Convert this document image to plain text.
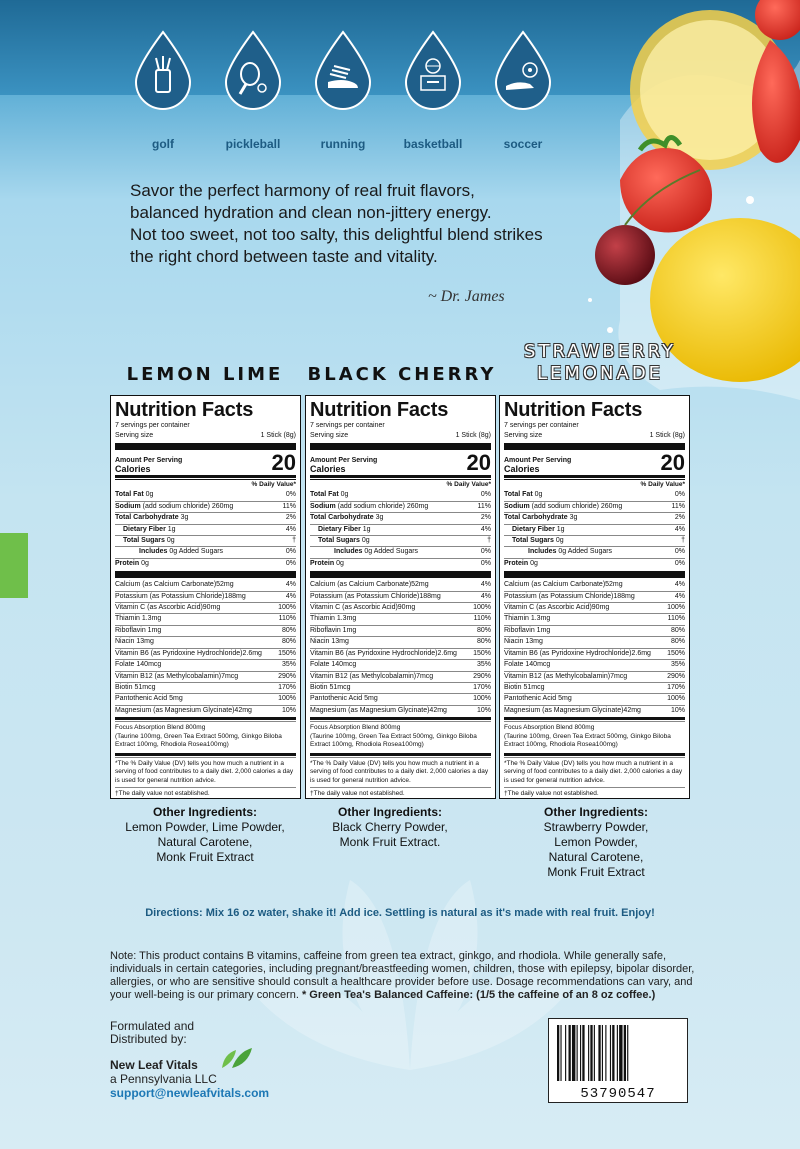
golf	pickleball	running	basketball	soccer

Savor the perfect harmony of real fruit flavors,

balanced hydration and clean non-jittery energy.

Not too sweet, not too salty, this delightful blend strikes

the right chord between taste and vitality.

~ Dr. James
LEMON LIME	BLACK CHERRY
STRAWBERRY
LEMONADE
Nutrition Facts
7 servings per container
Serving size	1 Stick (8g)
Amount Per Serving
Calories	20
% Daily Value*
Total Fat 0g	0%
Sodium (add sodium chloride) 260mg	11%
Total Carbohydrate 3g	2%
Dietary Fiber 1g	4%
Total Sugars 0g	†
Includes 0g Added Sugars	0%
Protein 0g	0%
Calcium (as Calcium Carbonate)52mg	4%
Potassium (as Potassium Chloride)188mg	4%
Vitamin C (as Ascorbic Acid)90mg	100%
Thiamin 1.3mg	110%
Riboflavin 1mg	80%
Niacin 13mg	80%
Vitamin B6 (as Pyridoxine Hydrochloride)2.6mg 150%
Folate 140mcg	35%
Vitamin B12 (as Methylcobalamin)7mcg	290%
Biotin 51mcg	170%
Pantothenic Acid 5mg	100%
Magnesium (as Magnesium Glycinate)42mg	10%
Focus Absorption Blend 800mg
(Taurine 100mg, Green Tea Extract 500mg, Ginkgo Biloba Extract 100mg, Rhodiola Rosea100mg)
*The % Daily Value (DV) tells you how much a nutrient in a serving of food contributes to a daily diet. 2,000 calories a day is used for general nutrition advice.
†The daily value not established.
Nutrition Facts
7 servings per container
Serving size	1 Stick (8g)
Amount Per Serving
Calories	20
% Daily Value*
Total Fat 0g	0%
Sodium (add sodium chloride) 260mg	11%
Total Carbohydrate 3g	2%
Dietary Fiber 1g	4%
Total Sugars 0g	†
Includes 0g Added Sugars	0%
Protein 0g	0%
Calcium (as Calcium Carbonate)52mg	4%
Potassium (as Potassium Chloride)188mg	4%
Vitamin C (as Ascorbic Acid)90mg	100%
Thiamin 1.3mg	110%
Riboflavin 1mg	80%
Niacin 13mg	80%
Vitamin B6 (as Pyridoxine Hydrochloride)2.6mg 150%
Folate 140mcg	35%
Vitamin B12 (as Methylcobalamin)7mcg	290%
Biotin 51mcg	170%
Pantothenic Acid 5mg	100%
Magnesium (as Magnesium Glycinate)42mg	10%
Focus Absorption Blend 800mg
(Taurine 100mg, Green Tea Extract 500mg, Ginkgo Biloba Extract 100mg, Rhodiola Rosea100mg)
*The % Daily Value (DV) tells you how much a nutrient in a serving of food contributes to a daily diet. 2,000 calories a day is used for general nutrition advice.
†The daily value not established.
Nutrition Facts
7 servings per container
Serving size	1 Stick (8g)
Amount Per Serving
Calories	20
% Daily Value*
Total Fat 0g	0%
Sodium (add sodium chloride) 260mg	11%
Total Carbohydrate 3g	2%
Dietary Fiber 1g	4%
Total Sugars 0g	†
Includes 0g Added Sugars	0%
Protein 0g	0%
Calcium (as Calcium Carbonate)52mg	4%
Potassium (as Potassium Chloride)188mg	4%
Vitamin C (as Ascorbic Acid)90mg	100%
Thiamin 1.3mg	110%
Riboflavin 1mg	80%
Niacin 13mg	80%
Vitamin B6 (as Pyridoxine Hydrochloride)2.6mg 150%
Folate 140mcg	35%
Vitamin B12 (as Methylcobalamin)7mcg	290%
Biotin 51mcg	170%
Pantothenic Acid 5mg	100%
Magnesium (as Magnesium Glycinate)42mg	10%
Focus Absorption Blend 800mg
(Taurine 100mg, Green Tea Extract 500mg, Ginkgo Biloba Extract 100mg, Rhodiola Rosea100mg)
*The % Daily Value (DV) tells you how much a nutrient in a serving of food contributes to a daily diet. 2,000 calories a day is used for general nutrition advice.
†The daily value not established.
Other Ingredients:
Lemon Powder, Lime Powder,
Natural Carotene,
Monk Fruit Extract
Other Ingredients:
Black Cherry Powder,
Monk Fruit Extract.
Other Ingredients:
Strawberry Powder,
Lemon Powder,
Natural Carotene,
Monk Fruit Extract
Directions: Mix 16 oz water, shake it! Add ice. Settling is natural as it's made with real fruit. Enjoy!
Note: This product contains B vitamins, caffeine from green tea extract, ginkgo, and rhodiola. While generally safe, individuals in certain categories, including pregnant/breastfeeding women, children, those with epilepsy, bipolar disorder, allergies, or who are sensitive should consult a healthcare provider before use. Dosage recommendations can vary, and your well-being is our primary concern. * Green Tea's Balanced Caffeine: (1/5 the caffeine of an 8 oz coffee.)
Formulated and Distributed by:
New Leaf Vitals
a Pennsylvania LLC
support@newleafvitals.com	53790547
